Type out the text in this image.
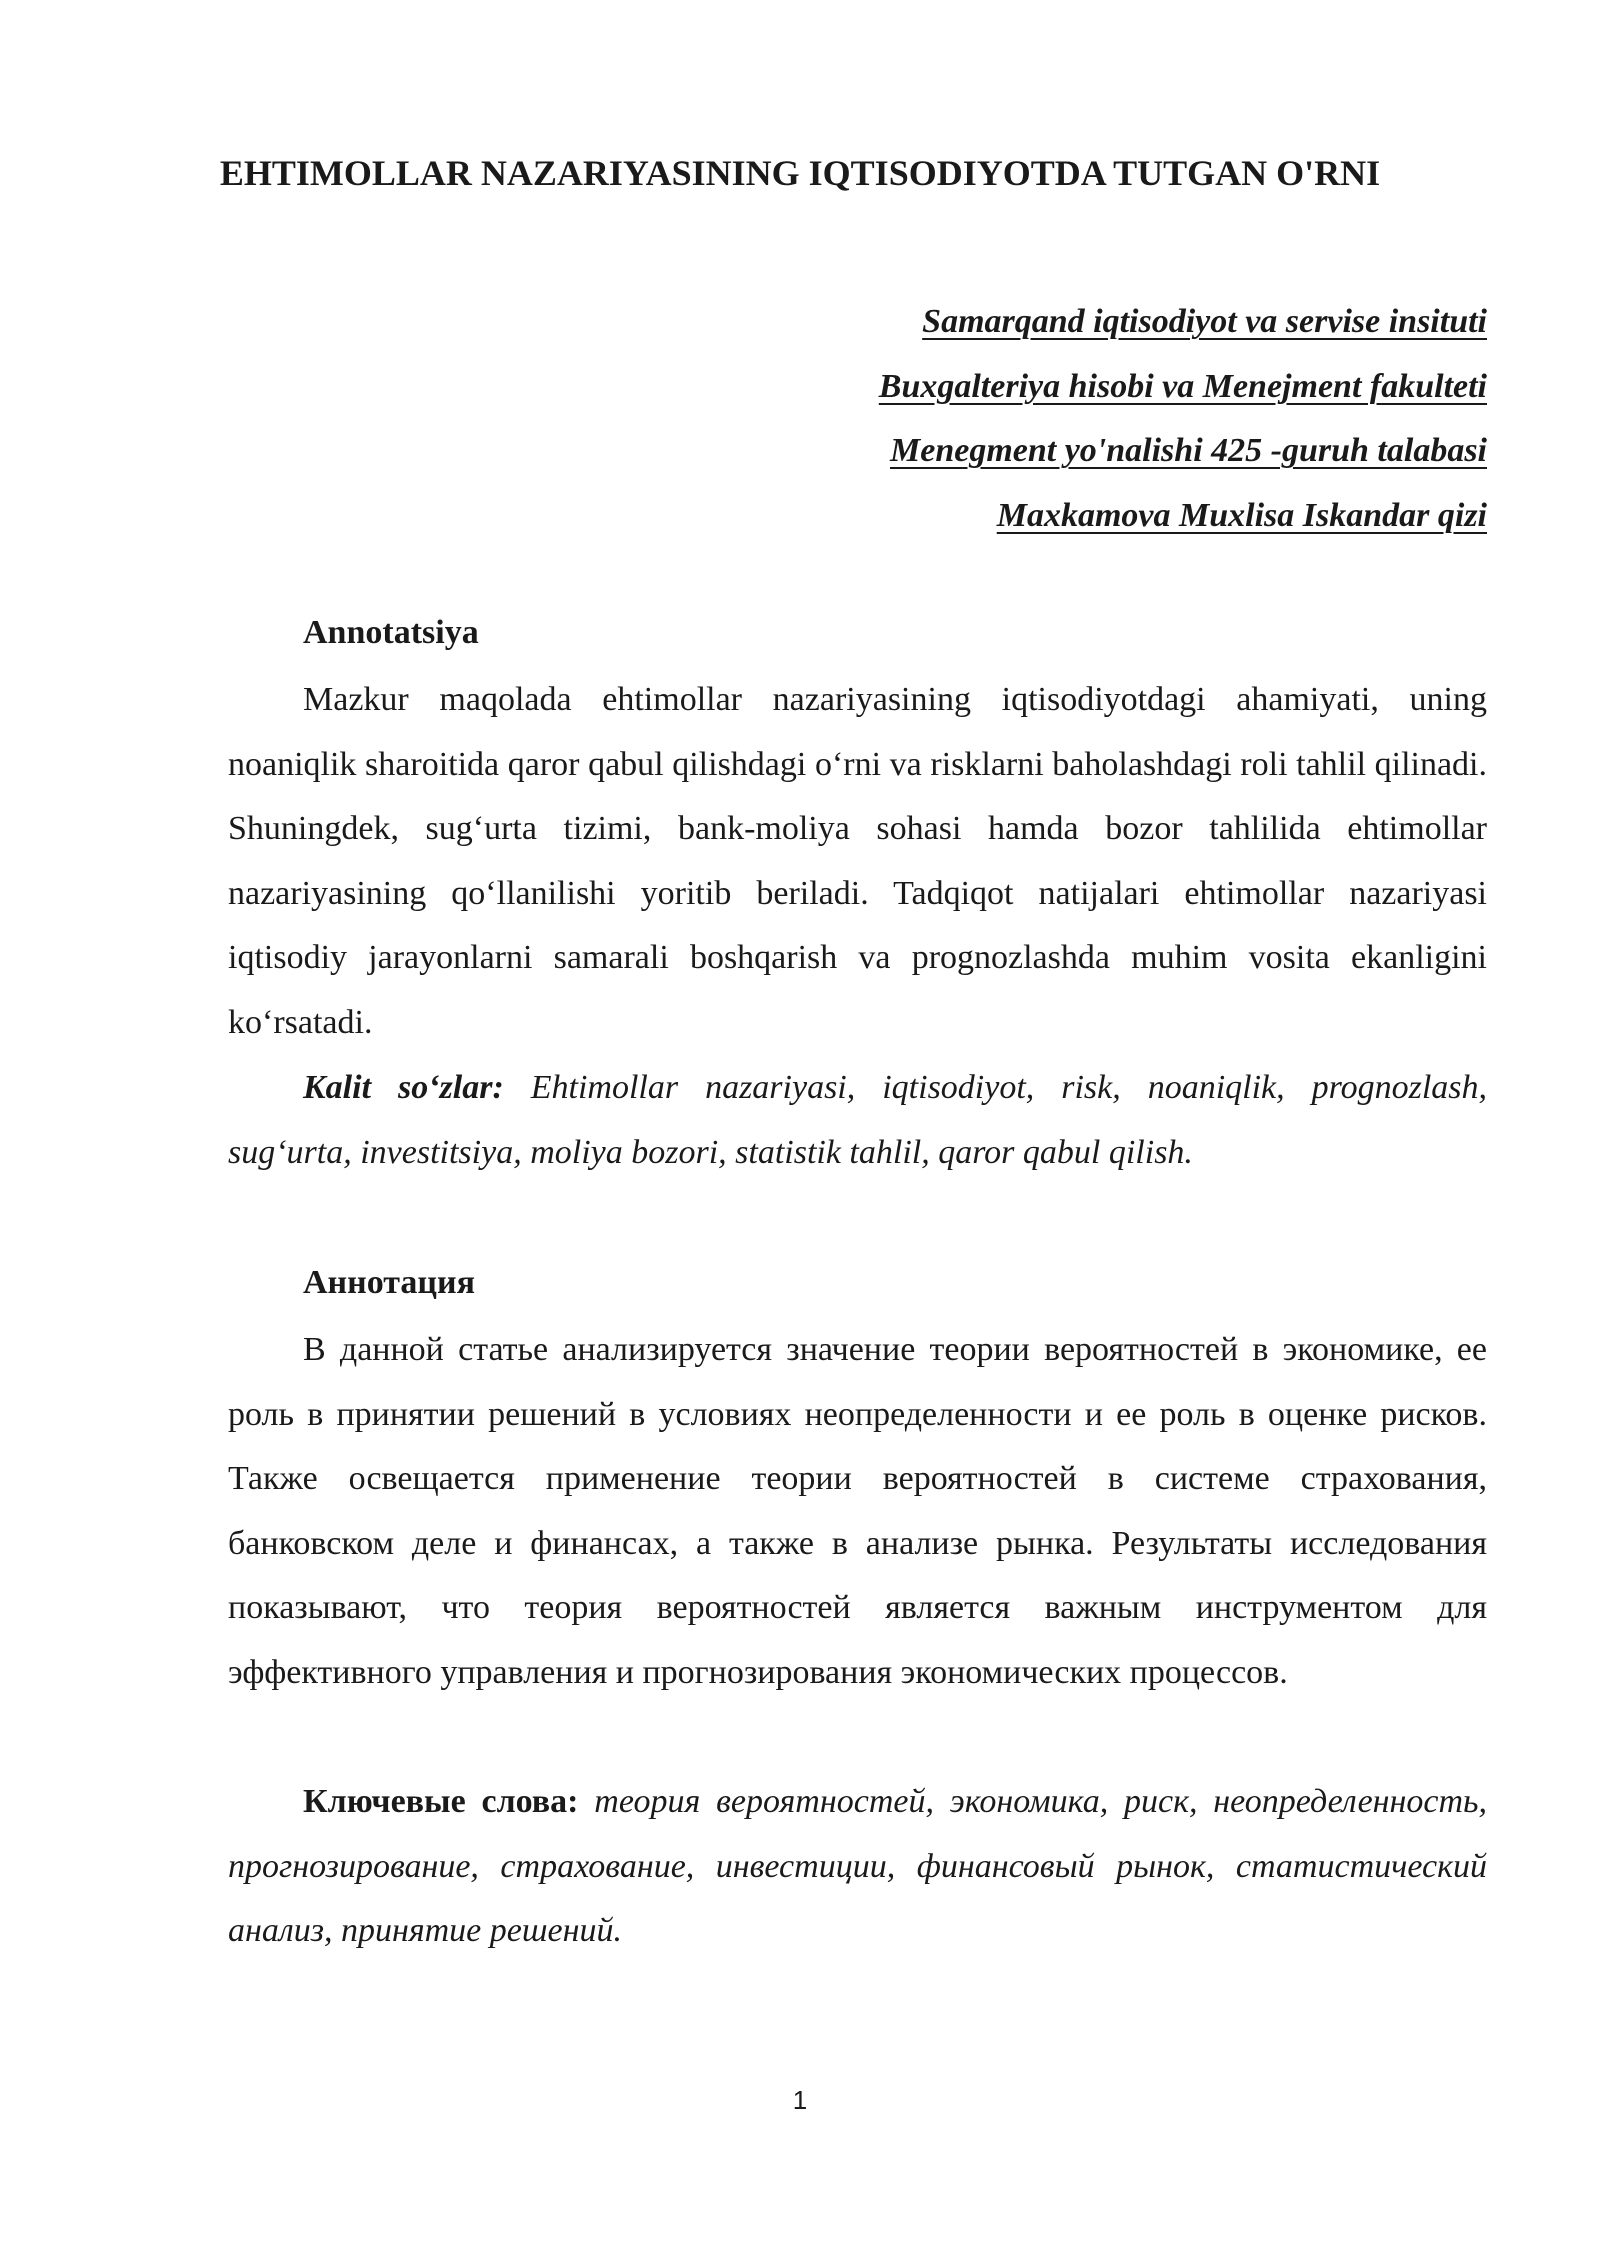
EHTIMOLLAR NAZARIYASINING IQTISODIYOTDA TUTGAN O'RNI
Samarqand iqtisodiyot va servise insituti
Buxgalteriya hisobi va Menejment fakulteti
Menegment yo'nalishi 425 -guruh talabasi
Maxkamova Muxlisa Iskandar qizi
Annotatsiya

Mazkur maqolada ehtimollar nazariyasining iqtisodiyotdagi ahamiyati, uning noaniqlik sharoitida qaror qabul qilishdagi o‘rni va risklarni baholashdagi roli tahlil qilinadi. Shuningdek, sug‘urta tizimi, bank-moliya sohasi hamda bozor tahlilida ehtimollar nazariyasining qo‘llanilishi yoritib beriladi. Tadqiqot natijalari ehtimollar nazariyasi iqtisodiy jarayonlarni samarali boshqarish va prognozlashda muhim vosita ekanligini ko‘rsatadi.

Kalit so‘zlar: Ehtimollar nazariyasi, iqtisodiyot, risk, noaniqlik, prognozlash, sug‘urta, investitsiya, moliya bozori, statistik tahlil, qaror qabul qilish.

Аннотация

В данной статье анализируется значение теории вероятностей в экономике, ее роль в принятии решений в условиях неопределенности и ее роль в оценке рисков. Также освещается применение теории вероятностей в системе страхования, банковском деле и финансах, а также в анализе рынка. Результаты исследования показывают, что теория вероятностей является важным инструментом для эффективного управления и прогнозирования экономических процессов.

Ключевые слова: теория вероятностей, экономика, риск, неопределенность, прогнозирование, страхование, инвестиции, финансовый рынок, статистический анализ, принятие решений.

1
